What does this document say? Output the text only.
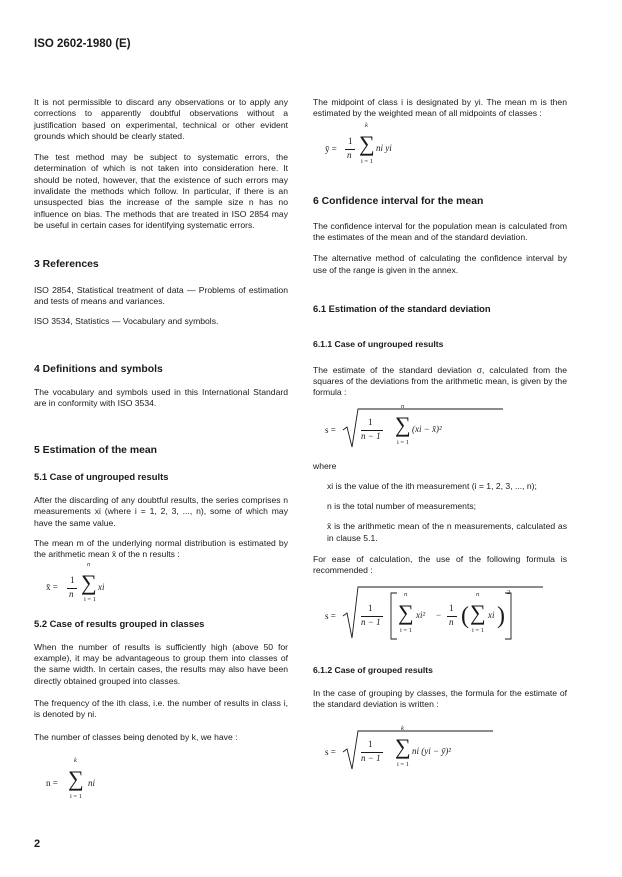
ISO 2602-1980 (E)

It is not permissible to discard any observations or to apply any corrections to apparently doubtful observations without a justification based on experimental, technical or other evident grounds which should be clearly stated.

The test method may be subject to systematic errors, the determination of which is not taken into consideration here. It should be noted, however, that the existence of such errors may invalidate the methods which follow. In particular, if there is an unsuspected bias the increase of the sample size n has no influence on bias. The methods that are treated in ISO 2854 may be useful in certain cases for identifying systematic errors.

3 References

ISO 2854, Statistical treatment of data — Problems of estimation and tests of means and variances.

ISO 3534, Statistics — Vocabulary and symbols.

4 Definitions and symbols

The vocabulary and symbols used in this International Standard are in conformity with ISO 3534.

5 Estimation of the mean

5.1 Case of ungrouped results

After the discarding of any doubtful results, the series comprises n measurements xi (where i = 1, 2, 3, ..., n), some of which may have the same value.

The mean m of the underlying normal distribution is estimated by the arithmetic mean x̄ of the n results :

x̄ =
1
n
n
∑
i = 1
xi

5.2 Case of results grouped in classes

When the number of results is sufficiently high (above 50 for example), it may be advantageous to group them into classes of the same width. In certain cases, the results may also have been directly obtained grouped into classes.

The frequency of the ith class, i.e. the number of results in class i, is denoted by ni.

The number of classes being denoted by k, we have :

n =
k
∑
i = 1
ni

The midpoint of class i is designated by yi. The mean m is then estimated by the weighted mean of all midpoints of classes :

ȳ =
1
n
k
∑
i = 1
ni yi

6 Confidence interval for the mean

The confidence interval for the population mean is calculated from the estimates of the mean and of the standard deviation.

The alternative method of calculating the confidence interval by use of the range is given in the annex.

6.1 Estimation of the standard deviation

6.1.1 Case of ungrouped results

The estimate of the standard deviation σ, calculated from the squares of the deviations from the arithmetic mean, is given by the formula :

s =
1
n − 1
n
∑
i = 1
(xi − x̄)²

where

xi is the value of the ith measurement (i = 1, 2, 3, ..., n);

n is the total number of measurements;

x̄ is the arithmetic mean of the n measurements, calculated as in clause 5.1.

For ease of calculation, the use of the following formula is recommended :

s =
1
n − 1
n
∑
i = 1
xi² −
1
n (
n
∑
i = 1
xi )
2

6.1.2 Case of grouped results

In the case of grouping by classes, the formula for the estimate of the standard deviation is written :

s =
1
n − 1
k
∑
i = 1
ni (yi − ȳ)²
2
